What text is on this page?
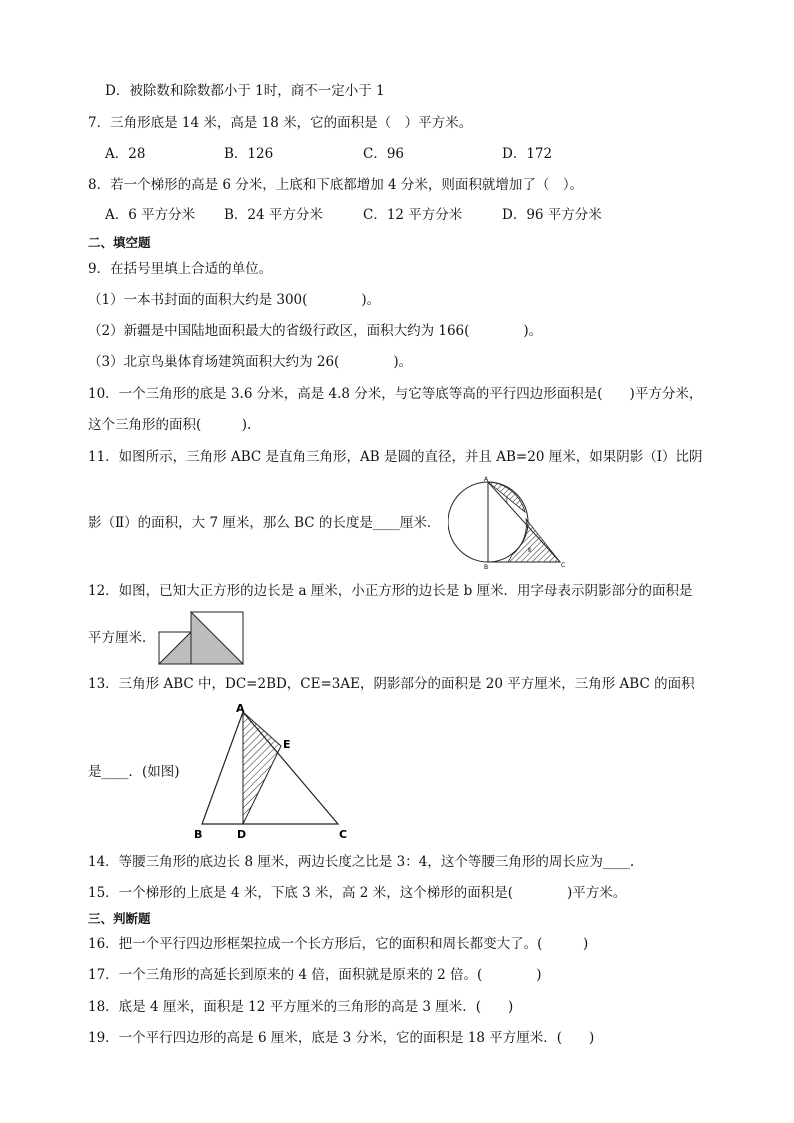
D．被除数和除数都小于 1时，商不一定小于 1
7．三角形底是 14 米，高是 18 米，它的面积是（　）平方米。
A．28	B．126	C．96	D．172
8．若一个梯形的高是 6 分米，上底和下底都增加 4 分米，则面积就增加了（　）。
A．6 平方分米 B．24 平方分米	C．12 平方分米	D．96 平方分米
二、填空题
9．在括号里填上合适的单位。
（1）一本书封面的面积大约是 300(　　　　)。
（2）新疆是中国陆地面积最大的省级行政区，面积大约为 166(　　　　)。
（3）北京鸟巢体育场建筑面积大约为 26(　　　　)。
10．一个三角形的底是 3.6 分米，高是 4.8 分米，与它等底等高的平行四边形面积是(　　)平方分米，
这个三角形的面积(　　　).
11．如图所示，三角形 ABC 是直角三角形，AB 是圆的直径，并且 AB=20 厘米，如果阴影（Ⅰ）比阴
影（Ⅱ）的面积，大 7 厘米，那么 BC 的长度是____厘米．
A
B	C
Ⅰ
Ⅱ
12．如图，已知大正方形的边长是 a 厘米，小正方形的边长是 b 厘米．用字母表示阴影部分的面积是
平方厘米．
13．三角形 ABC 中，DC=2BD，CE=3AE，阴影部分的面积是 20 平方厘米，三角形 ABC 的面积
是____．(如图)
A
E
B	D	C
14．等腰三角形的底边长 8 厘米，两边长度之比是 3：4，这个等腰三角形的周长应为____.
15．一个梯形的上底是 4 米，下底 3 米，高 2 米，这个梯形的面积是(　　　　)平方米。
三、判断题
16．把一个平行四边形框架拉成一个长方形后，它的面积和周长都变大了。(　　　)
17．一个三角形的高延长到原来的 4 倍，面积就是原来的 2 倍。(　　　　)
18．底是 4 厘米，面积是 12 平方厘米的三角形的高是 3 厘米．(　　)
19．一个平行四边形的高是 6 厘米，底是 3 分米，它的面积是 18 平方厘米．(　　)
